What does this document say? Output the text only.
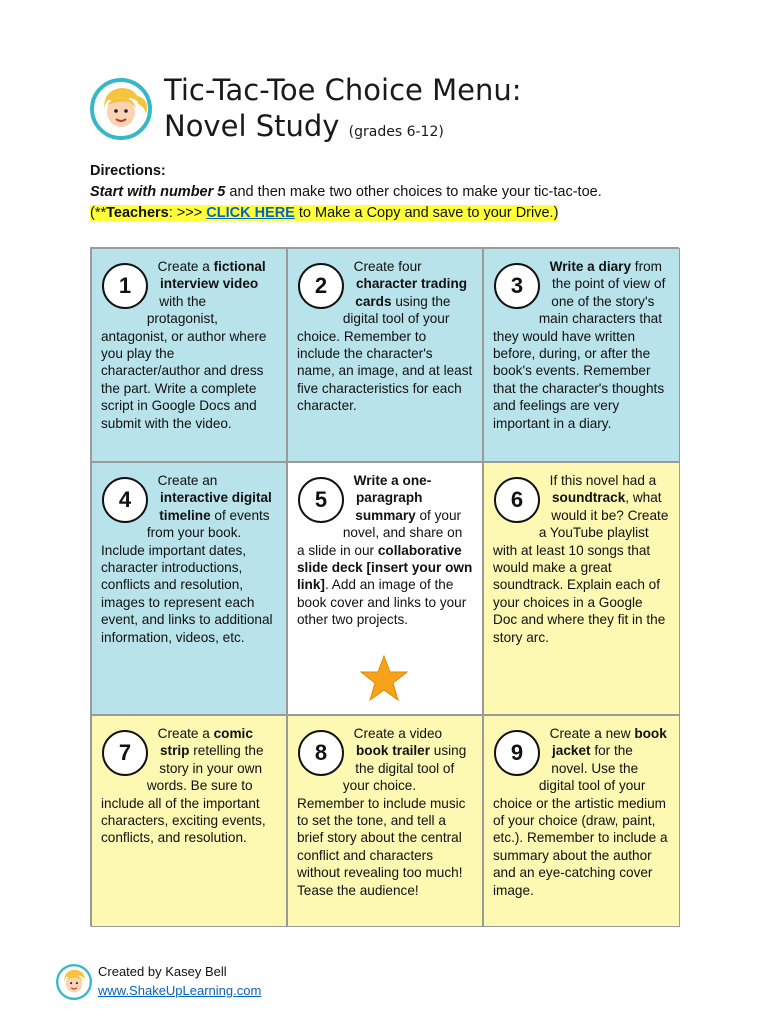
Tic-Tac-Toe Choice Menu:
Novel Study (grades 6-12)
Directions:
Start with number 5 and then make two other choices to make your tic-tac-toe.
(**Teachers: >>> CLICK HERE to Make a Copy and save to your Drive.)
1
Create a fictional interview video with the protagonist, antagonist, or author where you play the character/author and dress the part. Write a complete script in Google Docs and submit with the video.
2
Create four character trading cards using the digital tool of your choice. Remember to include the character's name, an image, and at least five characteristics for each character.
3
Write a diary from the point of view of one of the story's main characters that they would have written before, during, or after the book's events. Remember that the character's thoughts and feelings are very important in a diary.
4
Create an interactive digital timeline of events from your book. Include important dates, character introductions, conflicts and resolution, images to represent each event, and links to additional information, videos, etc.
5
Write a one-paragraph summary of your novel, and share on a slide in our collaborative slide deck [insert your own link]. Add an image of the book cover and links to your other two projects.
6
If this novel had a soundtrack, what would it be? Create a YouTube playlist with at least 10 songs that would make a great soundtrack. Explain each of your choices in a Google Doc and where they fit in the story arc.
7
Create a comic strip retelling the story in your own words. Be sure to include all of the important characters, exciting events, conflicts, and resolution.
8
Create a video book trailer using the digital tool of your choice. Remember to include music to set the tone, and tell a brief story about the central conflict and characters without revealing too much! Tease the audience!
9
Create a new book jacket for the novel. Use the digital tool of your choice or the artistic medium of your choice (draw, paint, etc.). Remember to include a summary about the author and an eye-catching cover image.
Created by Kasey Bell
www.ShakeUpLearning.com
